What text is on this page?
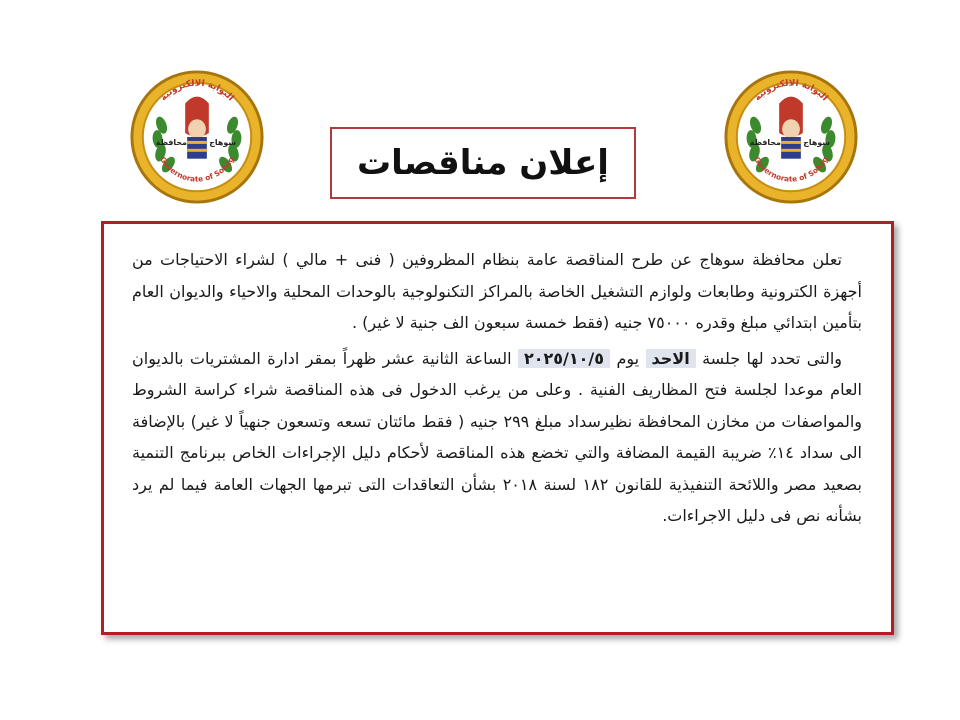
البوابة الالكترونية
محافظة	سوهاج
Governorate of Sohag
البوابة الالكترونية
محافظة	سوهاج
Governorate of Sohag
إعلان مناقصات

تعلن محافظة سوهاج عن طرح المناقصة عامة بنظام المظروفين ( فنى + مالي ) لشراء الاحتياجات من أجهزة الكترونية وطابعات ولوازم التشغيل الخاصة بالمراكز التكنولوجية بالوحدات المحلية والاحياء والديوان العام بتأمين ابتدائي مبلغ وقدره ٧٥٠٠٠ جنيه (فقط خمسة سبعون الف جنية لا غير) .

والتى تحدد لها جلسة الاحد يوم ٢٠٢٥/١٠/٥ الساعة الثانية عشر ظهراً بمقر ادارة المشتريات بالديوان العام موعدا لجلسة فتح المظاريف الفنية . وعلى من يرغب الدخول فى هذه المناقصة شراء كراسة الشروط والمواصفات من مخازن المحافظة نظيرسداد مبلغ ٢٩٩ جنيه ( فقط مائتان تسعه وتسعون جنهياً لا غير) بالإضافة الى سداد ١٤٪ ضريبة القيمة المضافة والتي تخضع هذه المناقصة لأحكام دليل الإجراءات الخاص ببرنامج التنمية بصعيد مصر واللائحة التنفيذية للقانون ١٨٢ لسنة ٢٠١٨ بشأن التعاقدات التى تبرمها الجهات العامة فيما لم يرد بشأنه نص فى دليل الاجراءات.
